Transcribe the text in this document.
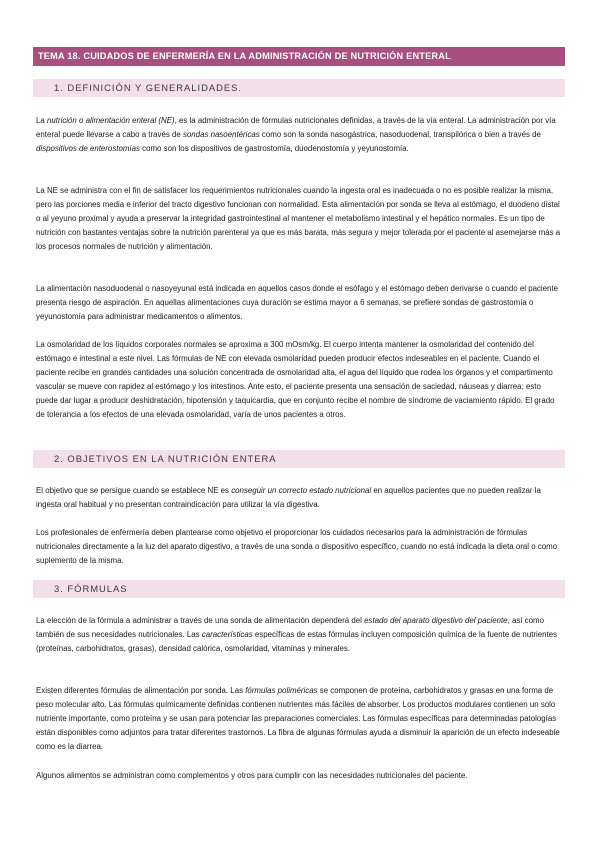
TEMA 18. CUIDADOS DE ENFERMERÍA EN LA ADMINISTRACIÓN DE NUTRICIÓN ENTERAL
1. DEFINICIÓN Y GENERALIDADES.

La nutrición o alimentación enteral (NE), es la administración de fórmulas nutricionales definidas, a través de la vía enteral. La administración por vía enteral puede llevarse a cabo a través de sondas nasoentéricas como son la sonda nasogástrica, nasoduodenal, transpilórica o bien a través de dispositivos de enterostomías como son los dispositivos de gastrostomía, duodenostomía y yeyunostomía.

La NE se administra con el fin de satisfacer los requerimientos nutricionales cuando la ingesta oral es inadecuada o no es posible realizar la misma, pero las porciones media e inferior del tracto digestivo funcionan con normalidad. Esta alimentación por sonda se lleva al estómago, el duodeno distal o al yeyuno proximal y ayuda a preservar la integridad gastrointestinal al mantener el metabolismo intestinal y el hepático normales. Es un tipo de nutrición con bastantes ventajas sobre la nutrición parenteral ya que es más barata, más segura y mejor tolerada por el paciente al asemejarse más a los procesos normales de nutrición y alimentación.

La alimentación nasoduodenal o nasoyeyunal está indicada en aquellos casos donde el esófago y el estómago deben derivarse o cuando el paciente presenta riesgo de aspiración. En aquellas alimentaciones cuya duración se estima mayor a 6 semanas, se prefiere sondas de gastrostomía o yeyunostomía para administrar medicamentos o alimentos.

La osmolaridad de los líquidos corporales normales se aproxima a 300 mOsm/kg. El cuerpo intenta mantener la osmolaridad del contenido del estómago e intestinal a este nivel. Las fórmulas de NE con elevada osmolaridad pueden producir efectos indeseables en el paciente. Cuando el paciente recibe en grandes cantidades una solución concentrada de osmolaridad alta, el agua del líquido que rodea los órganos y el compartimento vascular se mueve con rapidez al estómago y los intestinos. Ante esto, el paciente presenta una sensación de saciedad, náuseas y diarrea; esto puede dar lugar a producir deshidratación, hipotensión y taquicardia, que en conjunto recibe el nombre de síndrome de vaciamiento rápido. El grado de tolerancia a los efectos de una elevada osmolaridad, varía de unos pacientes a otros.

2. OBJETIVOS EN LA NUTRICIÓN ENTERA

El objetivo que se persigue cuando se establece NE es conseguir un correcto estado nutricional en aquellos pacientes que no pueden realizar la ingesta oral habitual y no presentan contraindicación para utilizar la vía digestiva.

Los profesionales de enfermería deben plantearse como objetivo el proporcionar los cuidados necesarios para la administración de fórmulas nutricionales directamente a la luz del aparato digestivo, a través de una sonda o dispositivo específico, cuando no está indicada la dieta oral o como suplemento de la misma.

3. FÓRMULAS

La elección de la fórmula a administrar a través de una sonda de alimentación dependerá del estado del aparato digestivo del paciente, así como también de sus necesidades nutricionales. Las características específicas de estas fórmulas incluyen composición química de la fuente de nutrientes (proteínas, carbohidratos, grasas), densidad calórica, osmolaridad, vitaminas y minerales.

Existen diferentes fórmulas de alimentación por sonda. Las fórmulas poliméricas se componen de proteína, carbohidratos y grasas en una forma de peso molecular alto. Las fórmulas químicamente definidas contienen nutrientes más fáciles de absorber. Los productos modulares contienen un solo nutriente importante, como proteína y se usan para potenciar las preparaciones comerciales. Las fórmulas específicas para determinadas patologías están disponibles como adjuntos para tratar diferentes trastornos. La fibra de algunas fórmulas ayuda a disminuir la aparición de un efecto indeseable como es la diarrea.

Algunos alimentos se administran como complementos y otros para cumplir con las necesidades nutricionales del paciente.
